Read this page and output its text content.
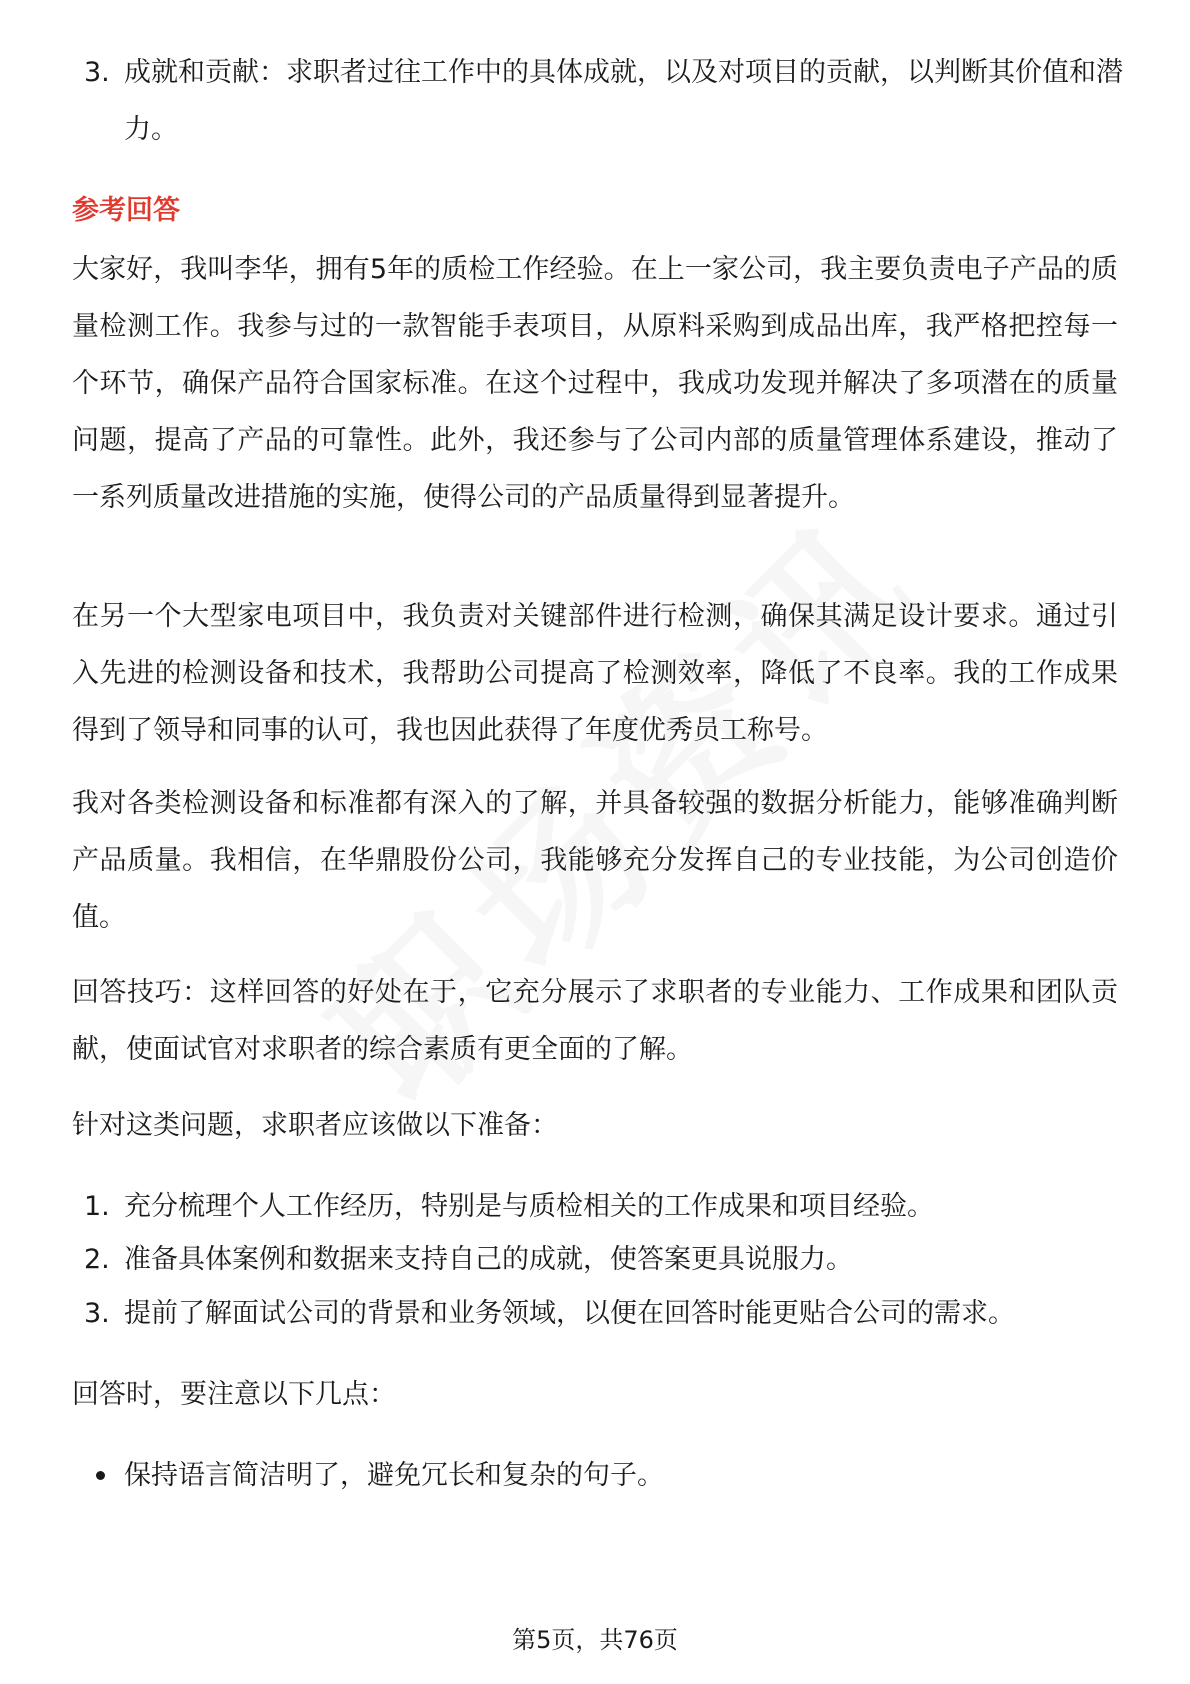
3. 成就和贡献：求职者过往工作中的具体成就，以及对项目的贡献，以判断其价值和潜力。
参考回答
大家好，我叫李华，拥有5年的质检工作经验。在上一家公司，我主要负责电子产品的质量检测工作。我参与过的一款智能手表项目，从原料采购到成品出库，我严格把控每一个环节，确保产品符合国家标准。在这个过程中，我成功发现并解决了多项潜在的质量问题，提高了产品的可靠性。此外，我还参与了公司内部的质量管理体系建设，推动了一系列质量改进措施的实施，使得公司的产品质量得到显著提升。
在另一个大型家电项目中，我负责对关键部件进行检测，确保其满足设计要求。通过引入先进的检测设备和技术，我帮助公司提高了检测效率，降低了不良率。我的工作成果得到了领导和同事的认可，我也因此获得了年度优秀员工称号。
我对各类检测设备和标准都有深入的了解，并具备较强的数据分析能力，能够准确判断产品质量。我相信，在华鼎股份公司，我能够充分发挥自己的专业技能，为公司创造价值。
回答技巧：这样回答的好处在于，它充分展示了求职者的专业能力、工作成果和团队贡献，使面试官对求职者的综合素质有更全面的了解。
针对这类问题，求职者应该做以下准备：
1. 充分梳理个人工作经历，特别是与质检相关的工作成果和项目经验。
2. 准备具体案例和数据来支持自己的成就，使答案更具说服力。
3. 提前了解面试公司的背景和业务领域，以便在回答时能更贴合公司的需求。
回答时，要注意以下几点：
保持语言简洁明了，避免冗长和复杂的句子。
第5页，共76页
